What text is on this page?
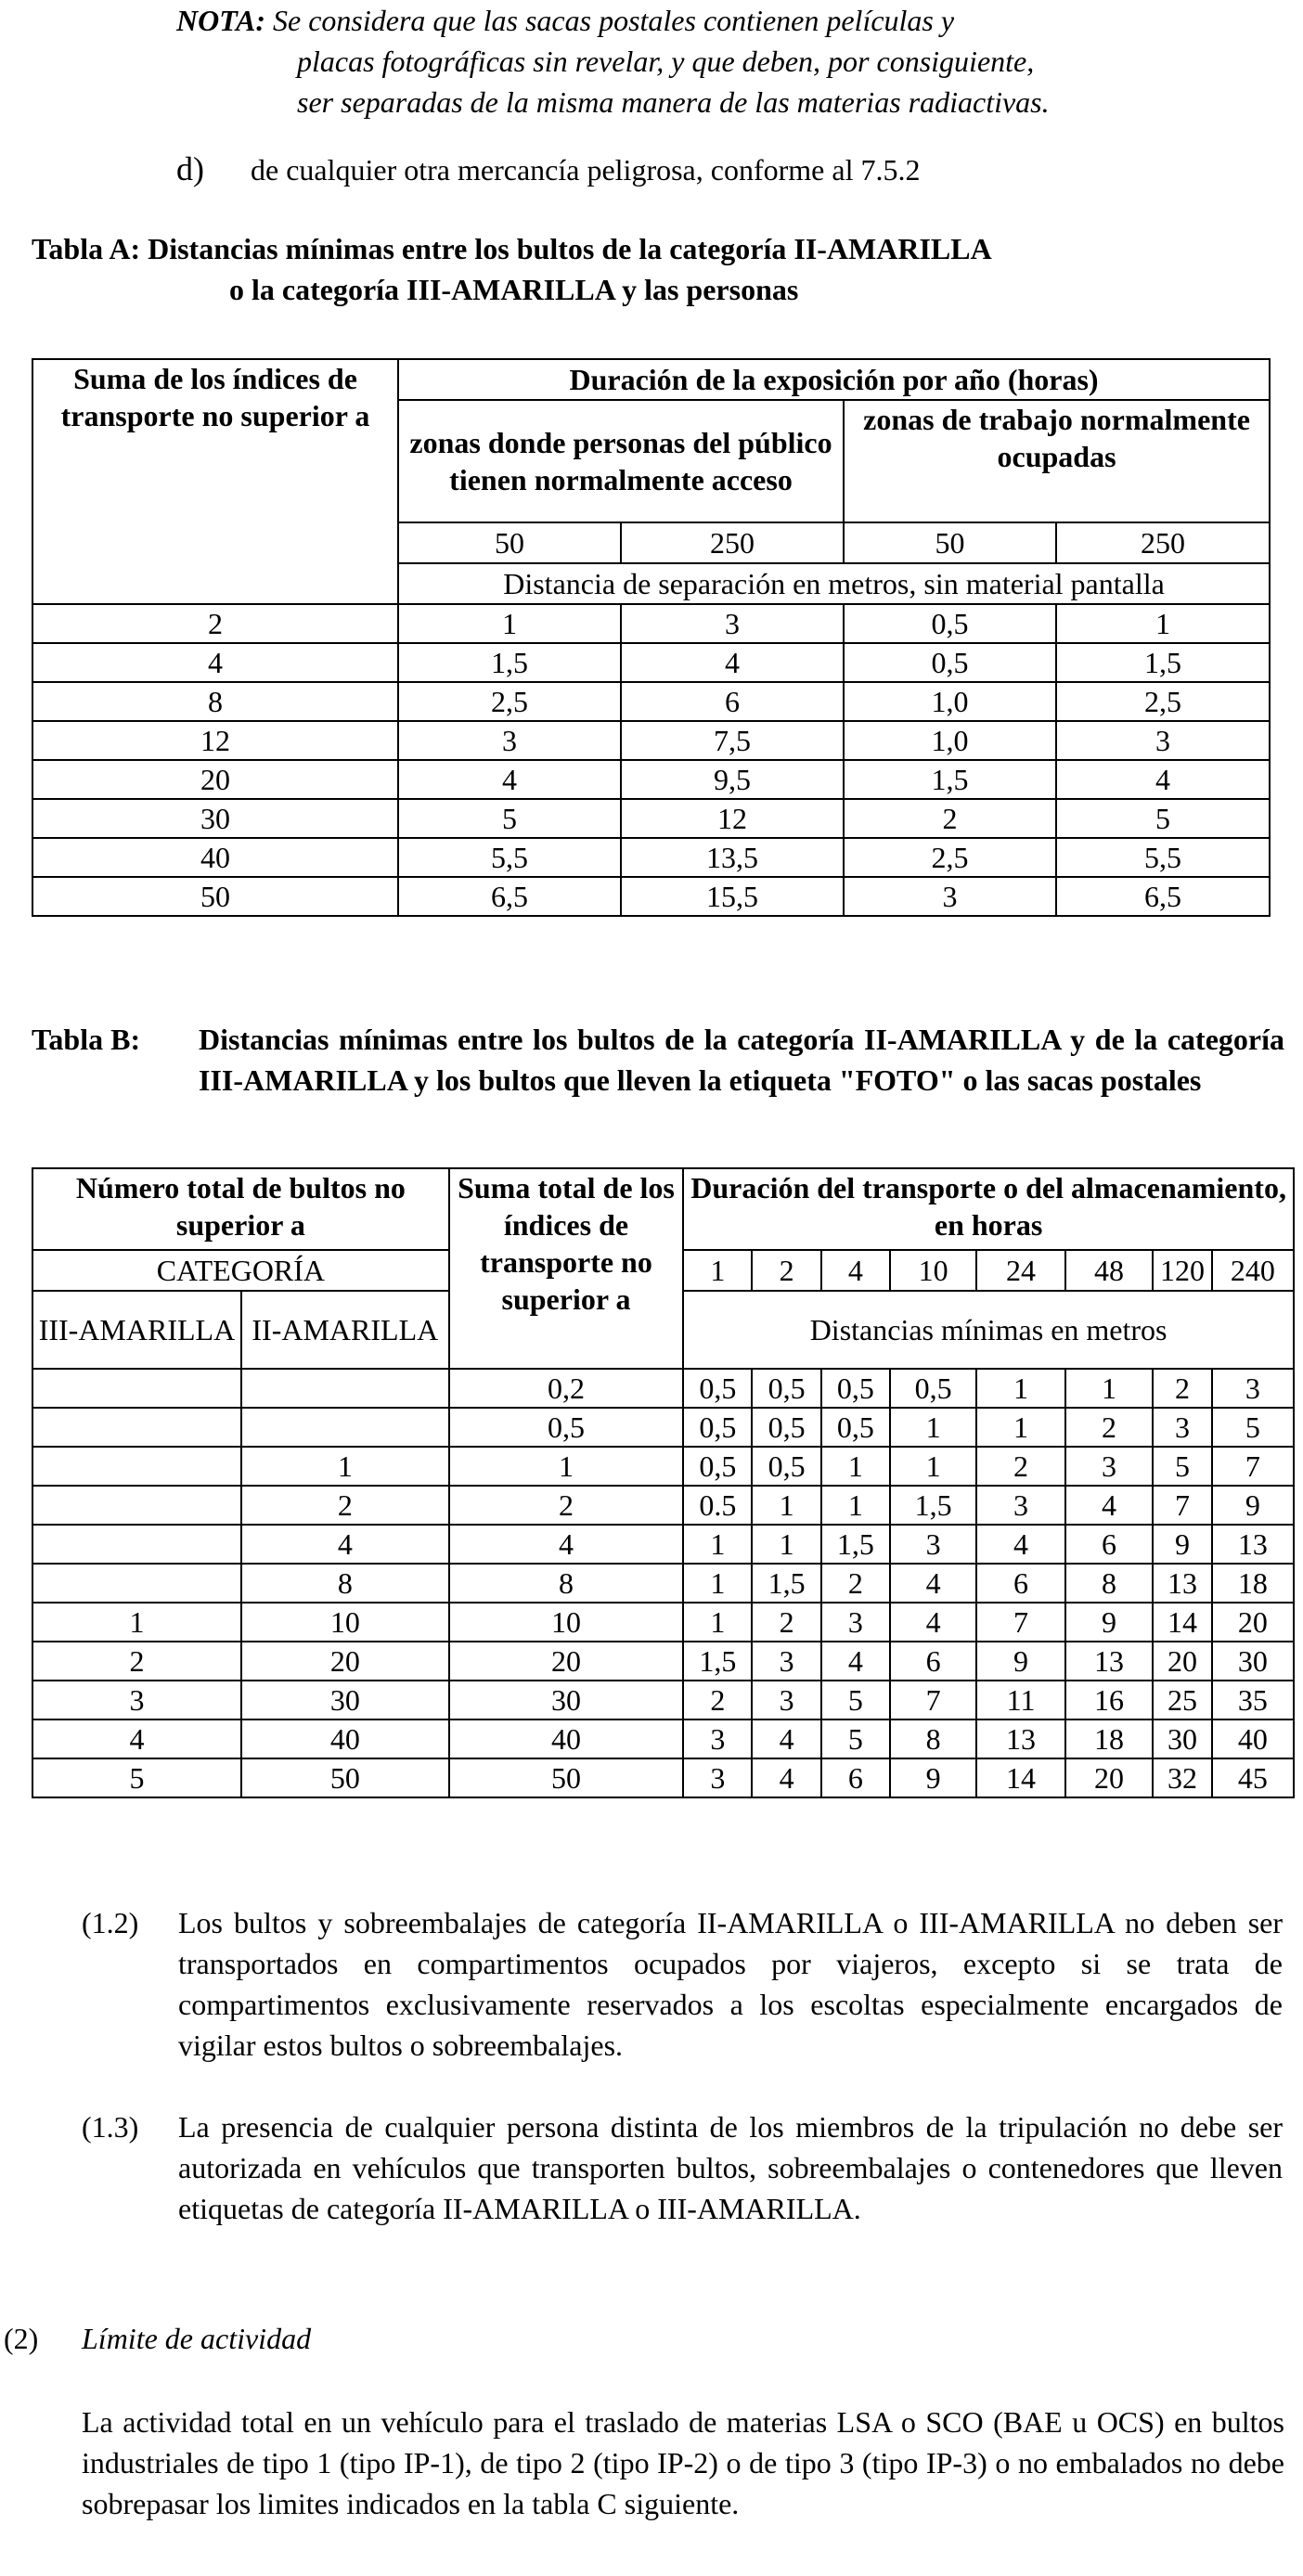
NOTA: Se considera que las sacas postales contienen películas y
placas fotográficas sin revelar, y que deben, por consiguiente,
ser separadas de la misma manera de las materias radiactivas.
d) de cualquier otra mercancía peligrosa, conforme al 7.5.2
Tabla A: Distancias mínimas entre los bultos de la categoría II-AMARILLA
o la categoría III-AMARILLA y las personas
Suma de los índices de transporte no superior a	Duración de la exposición por año (horas)			
	zonas donde personas del público tienen normalmente acceso		zonas de trabajo normalmente ocupadas	
	50	250	50	250
	Distancia de separación en metros, sin material pantalla			
2	1	3	0,5	1
4	1,5	4	0,5	1,5
8	2,5	6	1,0	2,5
12	3	7,5	1,0	3
20	4	9,5	1,5	4
30	5	12	2	5
40	5,5	13,5	2,5	5,5
50	6,5	15,5	3	6,5
Tabla B:	Distancias mínimas entre los bultos de la categoría II-AMARILLA y de la categoría III-AMARILLA y los bultos que lleven la etiqueta "FOTO" o las sacas postales
Número total de bultos no superior a		Suma total de los índices de transporte no superior a	Duración del transporte o del almacenamiento, en horas							

CATEGORÍA			1	2	4	10	24	48	120	240
III-AMARILLA	II-AMARILLA		Distancias mínimas en metros							
		0,2	0,5	0,5	0,5	0,5	1	1	2	3
		0,5	0,5	0,5	0,5	1	1	2	3	5
	1	1	0,5	0,5	1	1	2	3	5	7
	2	2	0.5	1	1	1,5	3	4	7	9
	4	4	1	1	1,5	3	4	6	9	13
	8	8	1	1,5	2	4	6	8	13	18
1	10	10	1	2	3	4	7	9	14	20
2	20	20	1,5	3	4	6	9	13	20	30
3	30	30	2	3	5	7	11	16	25	35
4	40	40	3	4	5	8	13	18	30	40
5	50	50	3	4	6	9	14	20	32	45
(1.2) Los bultos y sobreembalajes de categoría II-AMARILLA o III-AMARILLA no deben ser transportados en compartimentos ocupados por viajeros, excepto si se trata de compartimentos exclusivamente reservados a los escoltas especialmente encargados de vigilar estos bultos o sobreembalajes.
(1.3) La presencia de cualquier persona distinta de los miembros de la tripulación no debe ser autorizada en vehículos que transporten bultos, sobreembalajes o contenedores que lleven etiquetas de categoría II-AMARILLA o III-AMARILLA.
(2) Límite de actividad
La actividad total en un vehículo para el traslado de materias LSA o SCO (BAE u OCS) en bultos industriales de tipo 1 (tipo IP-1), de tipo 2 (tipo IP-2) o de tipo 3 (tipo IP-3) o no embalados no debe sobrepasar los limites indicados en la tabla C siguiente.
